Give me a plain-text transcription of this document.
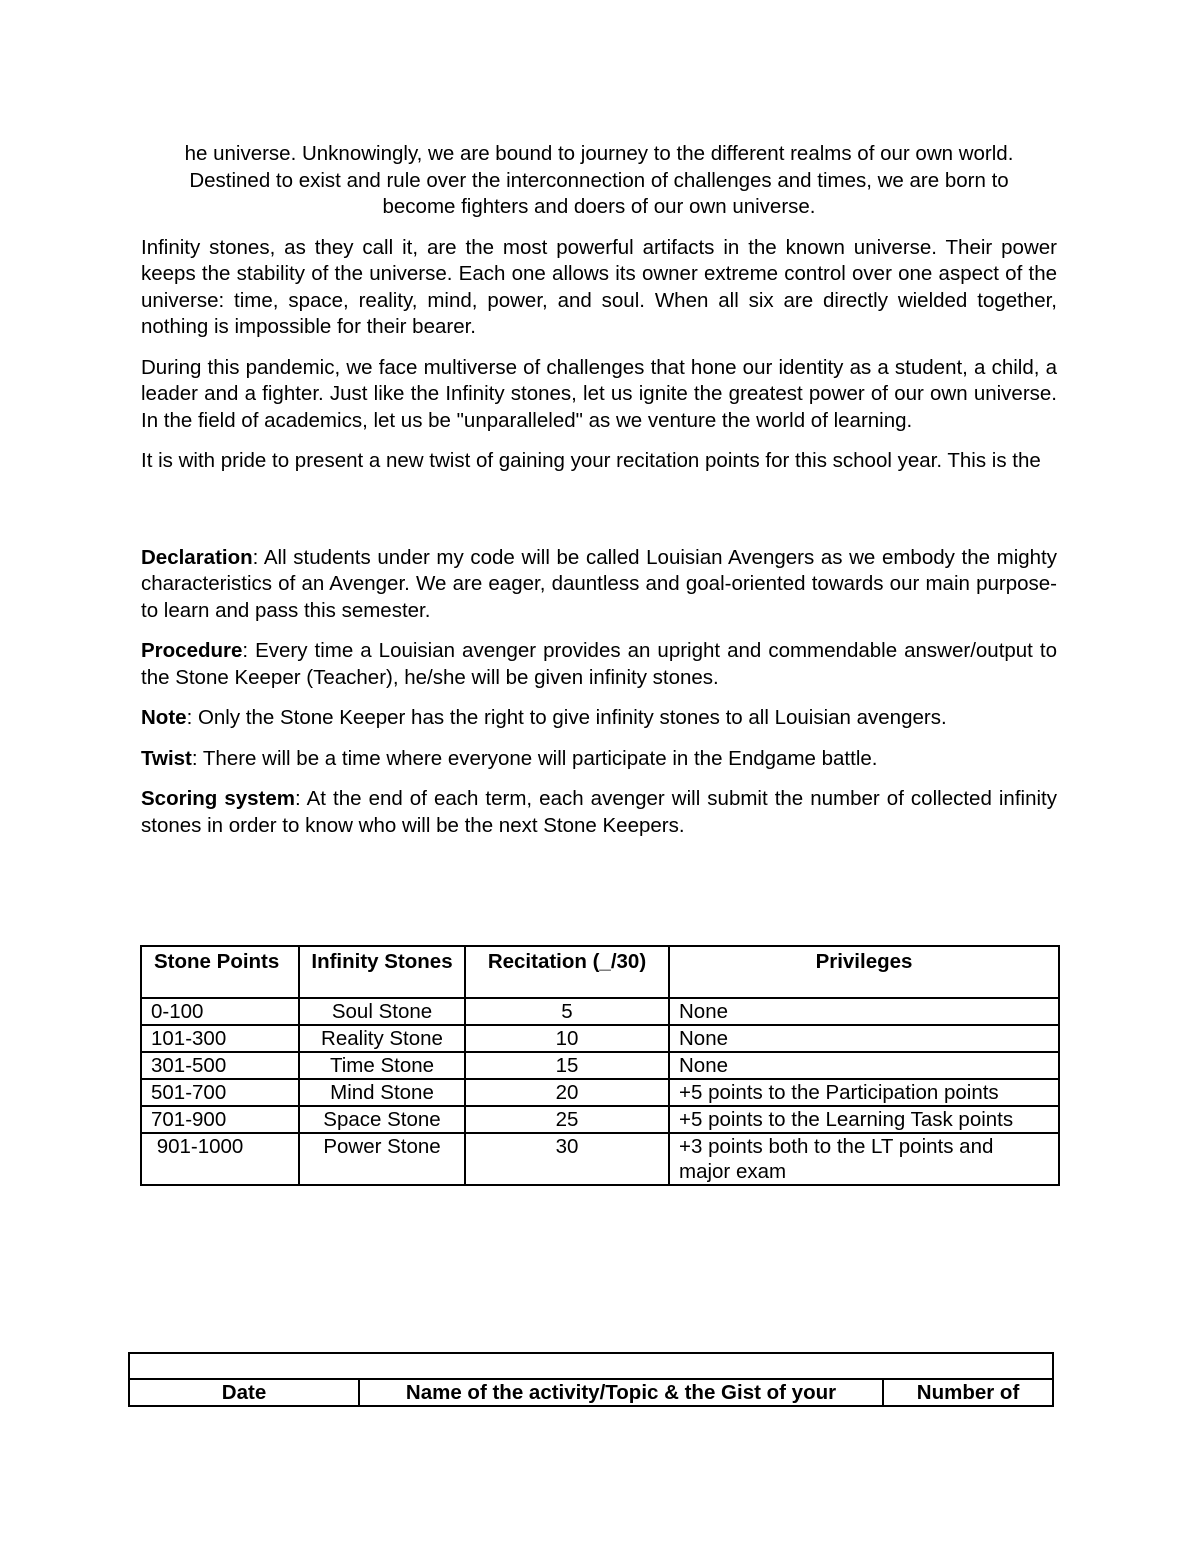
he universe. Unknowingly, we are bound to journey to the different realms of our own world.

Destined to exist and rule over the interconnection of challenges and times, we are born to

become fighters and doers of our own universe.

Infinity stones, as they call it, are the most powerful artifacts in the known universe. Their power keeps the stability of the universe. Each one allows its owner extreme control over one aspect of the universe: time, space, reality, mind, power, and soul. When all six are directly wielded together, nothing is impossible for their bearer.

During this pandemic, we face multiverse of challenges that hone our identity as a student, a child, a leader and a fighter. Just like the Infinity stones, let us ignite the greatest power of our own universe. In the field of academics, let us be "unparalleled" as we venture the world of learning.

It is with pride to present a new twist of gaining your recitation points for this school year. This is the

Declaration: All students under my code will be called Louisian Avengers as we embody the mighty characteristics of an Avenger. We are eager, dauntless and goal-oriented towards our main purpose- to learn and pass this semester.

Procedure: Every time a Louisian avenger provides an upright and commendable answer/output to the Stone Keeper (Teacher), he/she will be given infinity stones.

Note: Only the Stone Keeper has the right to give infinity stones to all Louisian avengers.

Twist: There will be a time where everyone will participate in the Endgame battle.

Scoring system: At the end of each term, each avenger will submit the number of collected infinity stones in order to know who will be the next Stone Keepers.

Stone Points	Infinity Stones	Recitation (_/30)	Privileges
0-100	Soul Stone	5	None
101-300	Reality Stone	10	None
301-500	Time Stone	15	None
501-700	Mind Stone	20	+5 points to the Participation points
701-900	Space Stone	25	+5 points to the Learning Task points
901-1000	Power Stone	30	+3 points both to the LT points and major exam

Date	Name of the activity/Topic & the Gist of your	Number of
